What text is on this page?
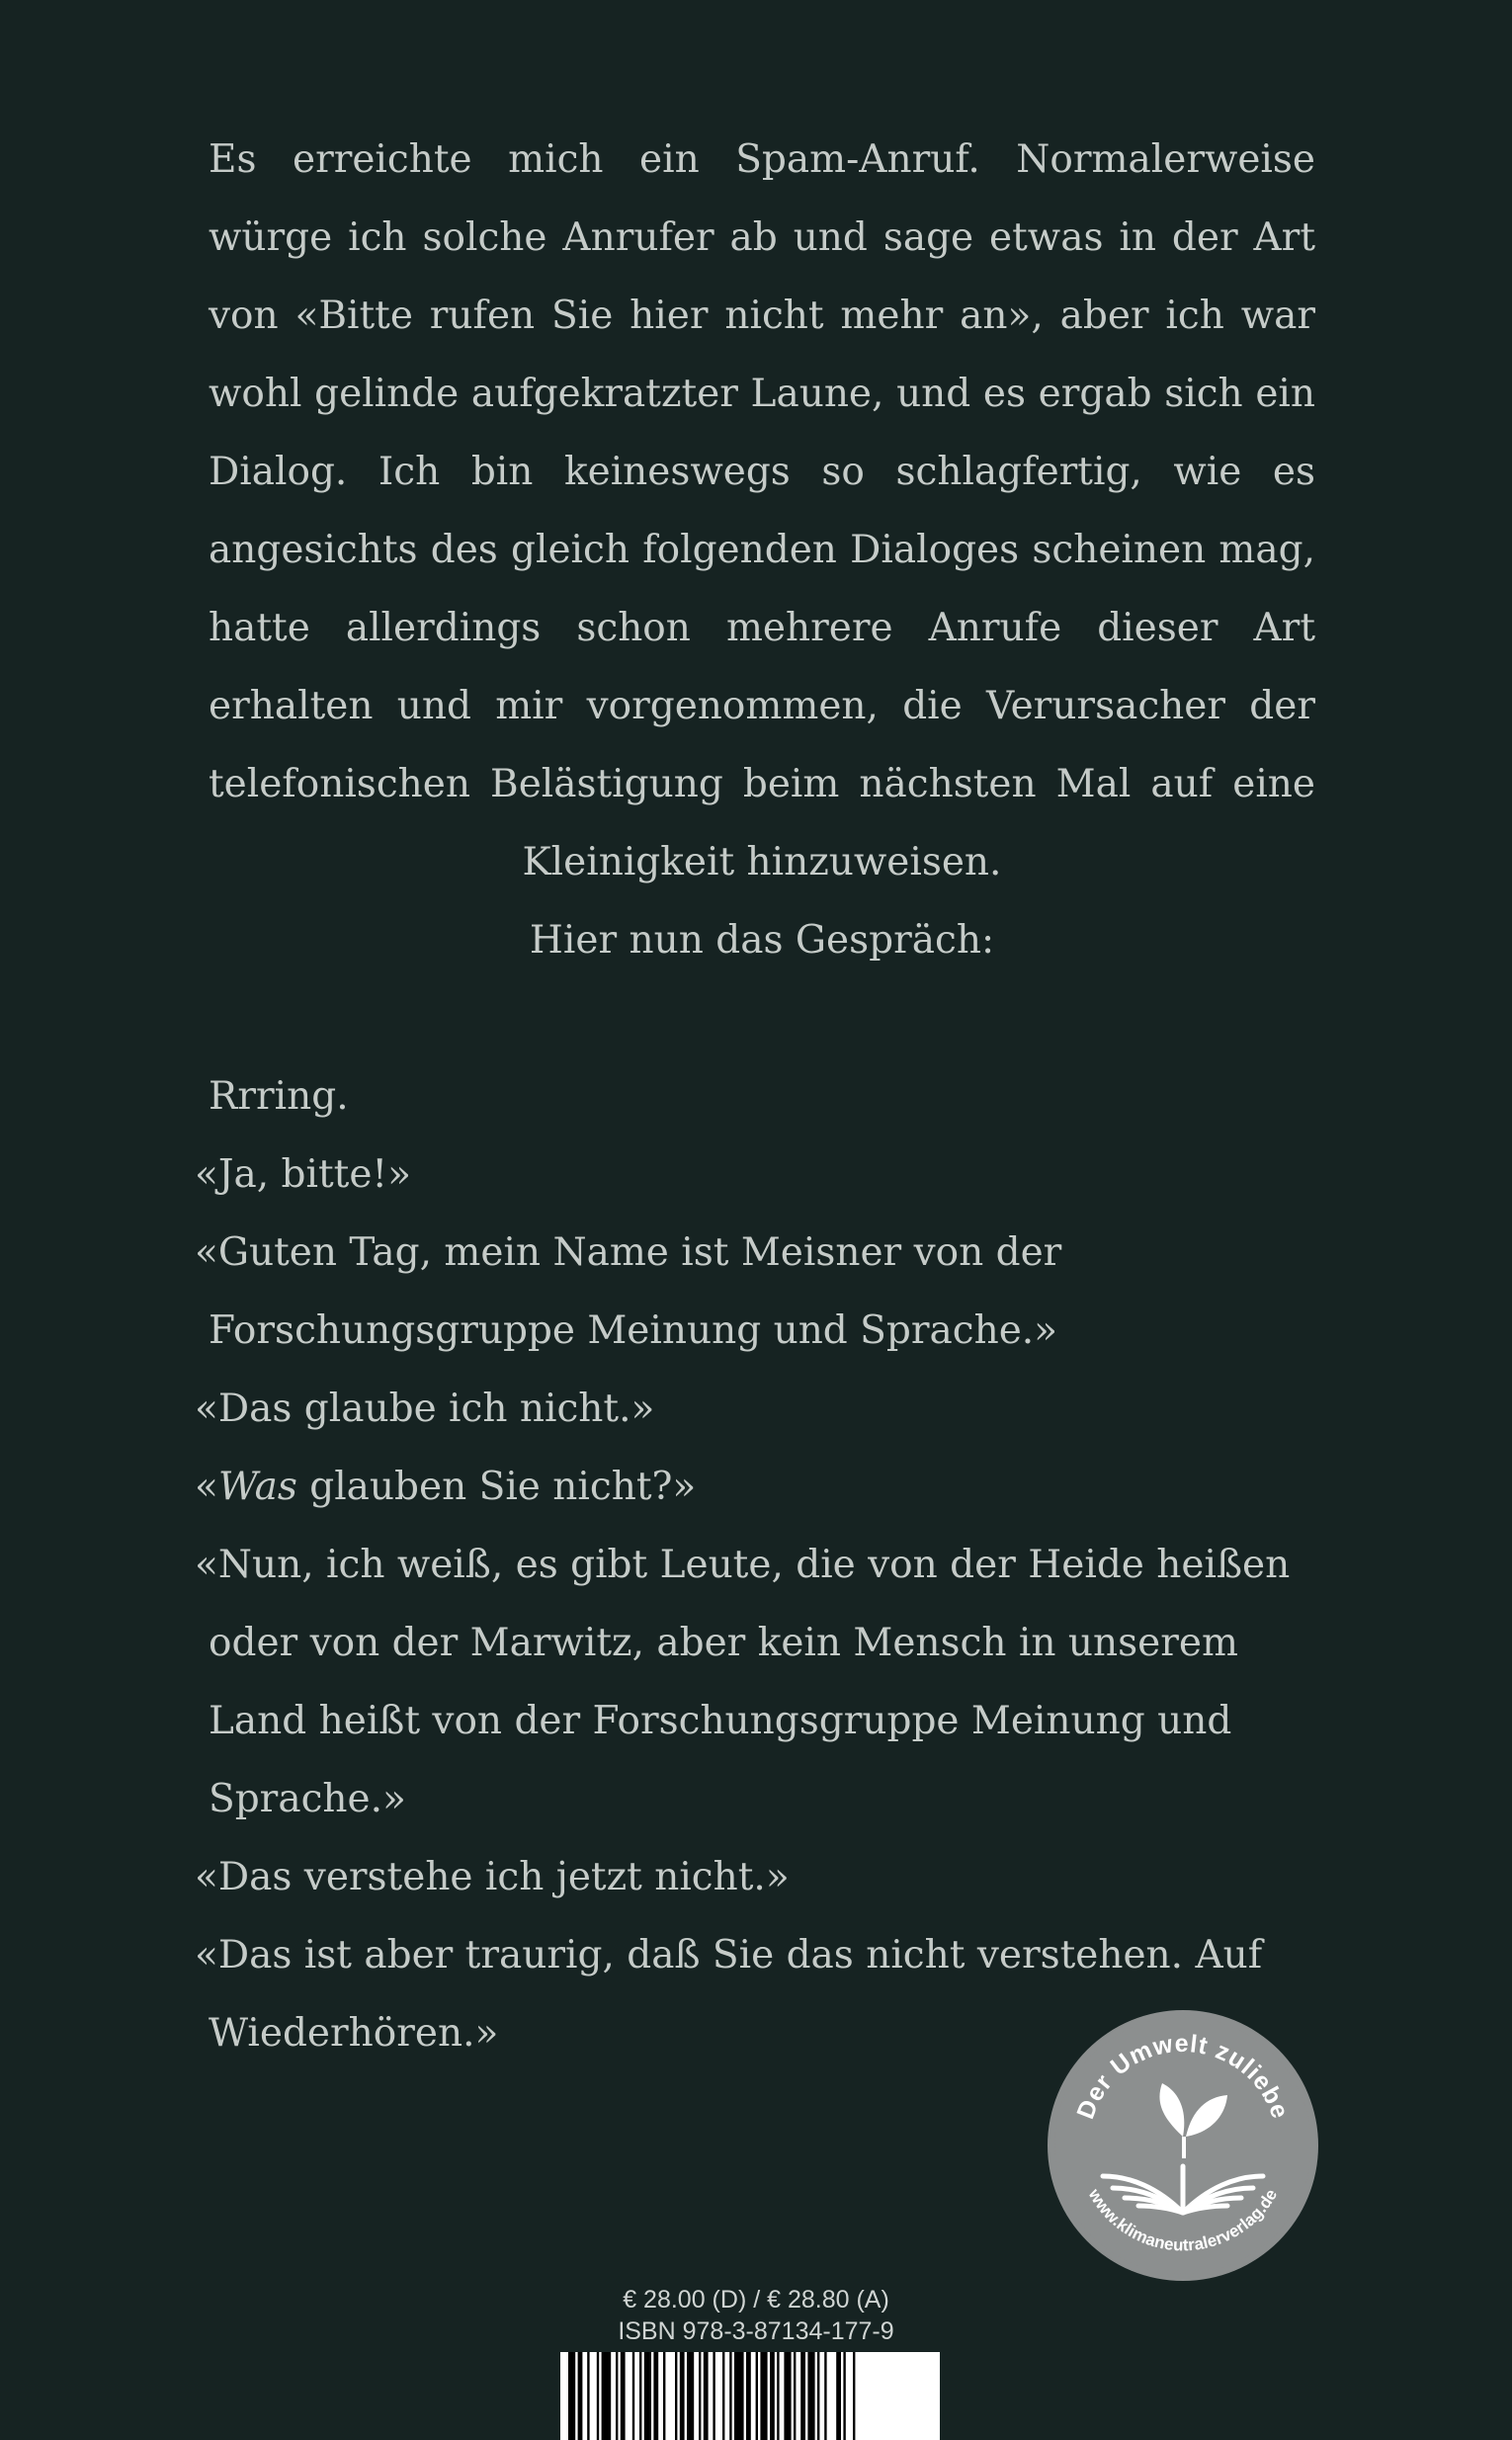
Es erreichte mich ein Spam-Anruf. Normalerweise würge ich solche Anrufer ab und sage etwas in der Art von «Bitte rufen Sie hier nicht mehr an», aber ich war wohl gelinde aufgekratzter Laune, und es ergab sich ein Dialog. Ich bin keineswegs so schlagfertig, wie es angesichts des gleich folgenden Dialoges scheinen mag, hatte allerdings schon mehrere Anrufe dieser Art erhalten und mir vorgenommen, die Verursacher der telefonischen Belästigung beim nächsten Mal auf eine Kleinigkeit hinzuweisen.

Hier nun das Gespräch:

Rrring.

«Ja, bitte!»

«Guten Tag, mein Name ist Meisner von der Forschungsgruppe Meinung und Sprache.»

«Das glaube ich nicht.»

«Was glauben Sie nicht?»

«Nun, ich weiß, es gibt Leute, die von der Heide heißen oder von der Marwitz, aber kein Mensch in unserem Land heißt von der Forschungsgruppe Meinung und Sprache.»

«Das verstehe ich jetzt nicht.»

«Das ist aber traurig, daß Sie das nicht verstehen. Auf Wiederhören.»

Der Umwelt zuliebe
www.klimaneutralerverlag.de
€ 28.00 (D) / € 28.80 (A)
ISBN 978-3-87134-177-9
